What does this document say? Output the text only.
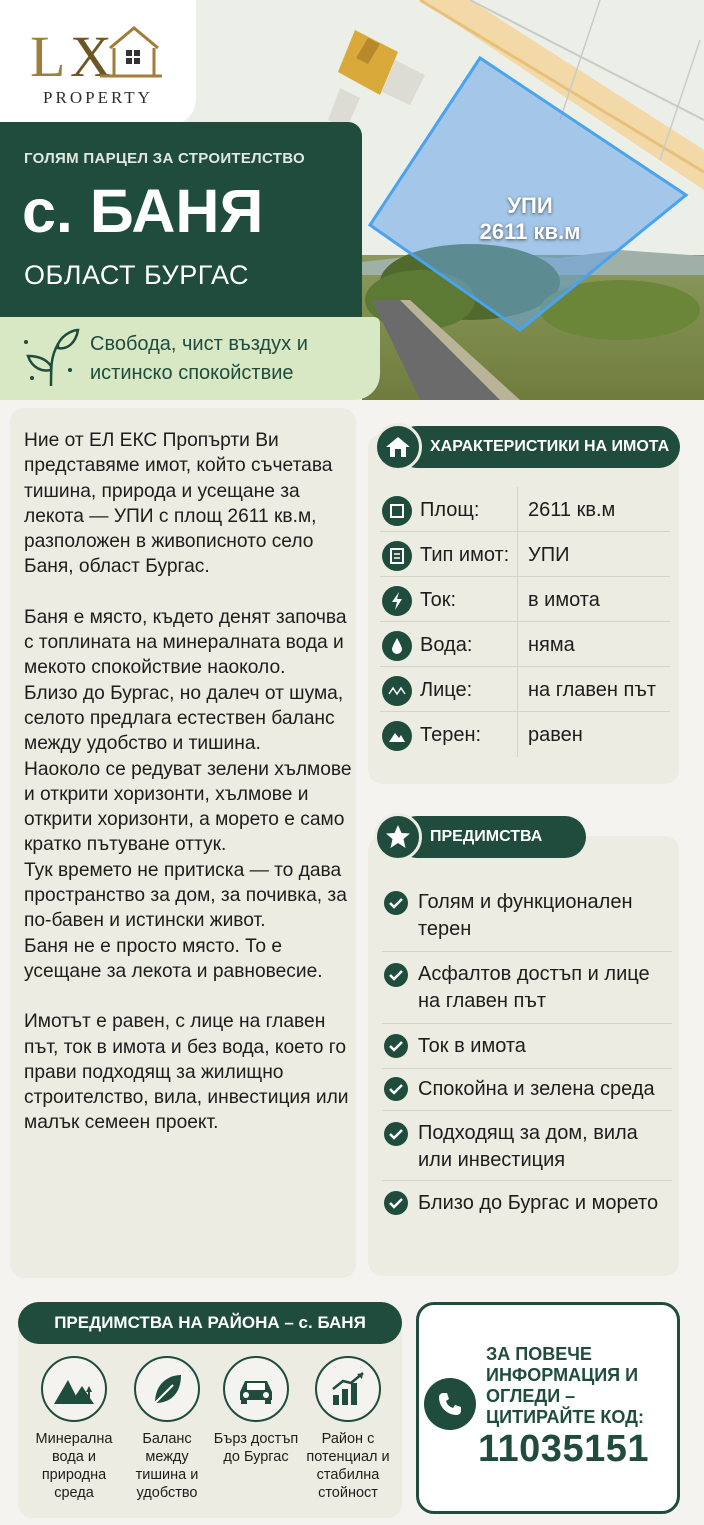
L X
PROPERTY
ГОЛЯМ ПАРЦЕЛ ЗА СТРОИТЕЛСТВО
с. БАНЯ
ОБЛАСТ БУРГАС
Свобода, чист въздух и истинско спокойствие
УПИ
2611 кв.м

Ние от ЕЛ ЕКС Пропърти Ви представяме имот, който съчетава тишина, природа и усещане за лекота — УПИ с площ 2611 кв.м, разположен в живописното село Баня, област Бургас.

Баня е място, където денят започва с топлината на минералната вода и мекото спокойствие наоколо.
Близо до Бургас, но далеч от шума, селото предлага естествен баланс между удобство и тишина.
Наоколо се редуват зелени хълмове и открити хоризонти, хълмове и открити хоризонти, а морето е само кратко пътуване оттук.
Тук времето не притиска — то дава пространство за дом, за почивка, за по-бавен и истински живот.
Баня не е просто място. То е усещане за лекота и равновесие.

Имотът е равен, с лице на главен път, ток в имота и без вода, което го прави подходящ за жилищно строителство, вила, инвестиция или малък семеен проект.

ХАРАКТЕРИСТИКИ НА ИМОТА
Площ: 2611 кв.м
Тип имот: УПИ
Ток:	в имота
Вода:	няма
Лице:	на главен път
Терен: равен
ПРЕДИМСТВА
Голям и функционален терен
Асфалтов достъп и лице на главен път
Ток в имота
Спокойна и зелена среда
Подходящ за дом, вила или инвестиция
Близо до Бургас и морето
ПРЕДИМСТВА НА РАЙОНА – с. БАНЯ
Минерална вода и природна среда
Баланс между тишина и удобство
Бърз достъп до Бургас
Район с потенциал и стабилна стойност
ЗА ПОВЕЧЕ ИНФОРМАЦИЯ И ОГЛЕДИ – ЦИТИРАЙТЕ КОД:
11035151
